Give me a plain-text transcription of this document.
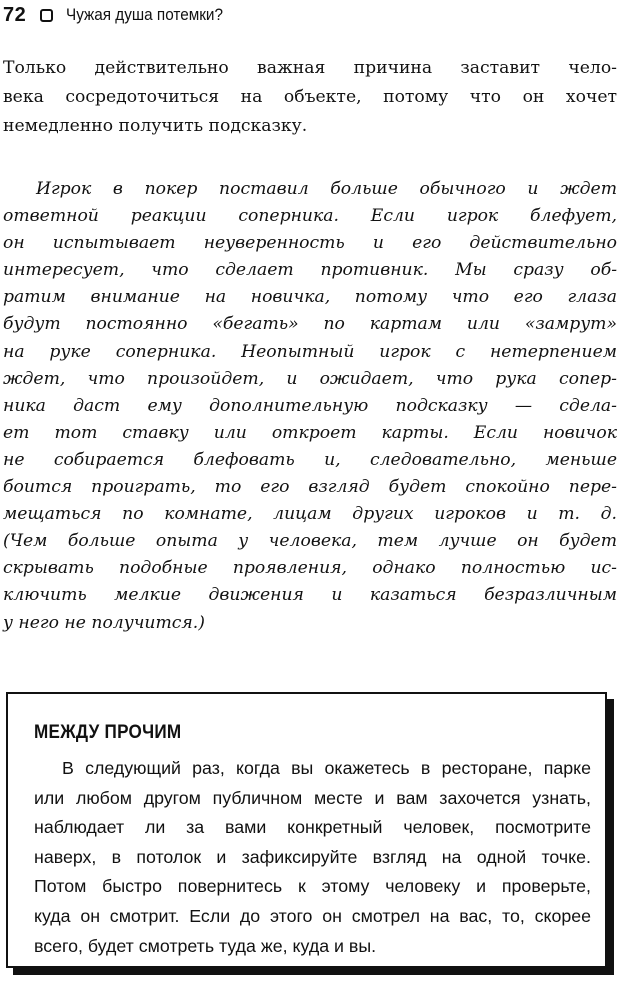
72 Чужая душа потемки?

Только действительно важная причина заставит чело-
века сосредоточиться на объекте, потому что он хочет
немедленно получить подсказку.

Игрок в покер поставил больше обычного и ждет
ответной реакции соперника. Если игрок блефует,
он испытывает неуверенность и его действительно
интересует, что сделает противник. Мы сразу об-
ратим внимание на новичка, потому что его глаза
будут постоянно «бегать» по картам или «замрут»
на руке соперника. Неопытный игрок с нетерпением
ждет, что произойдет, и ожидает, что рука сопер-
ника даст ему дополнительную подсказку — сдела-
ет тот ставку или откроет карты. Если новичок
не собирается блефовать и, следовательно, меньше
боится проиграть, то его взгляд будет спокойно пере-
мещаться по комнате, лицам других игроков и т. д.
(Чем больше опыта у человека, тем лучше он будет
скрывать подобные проявления, однако полностью ис-
ключить мелкие движения и казаться безразличным
у него не получится.)

МЕЖДУ ПРОЧИМ
В следующий раз, когда вы окажетесь в ресторане, парке
или любом другом публичном месте и вам захочется узнать,
наблюдает ли за вами конкретный человек, посмотрите
наверх, в потолок и зафиксируйте взгляд на одной точке.
Потом быстро повернитесь к этому человеку и проверьте,
куда он смотрит. Если до этого он смотрел на вас, то, скорее
всего, будет смотреть туда же, куда и вы.
